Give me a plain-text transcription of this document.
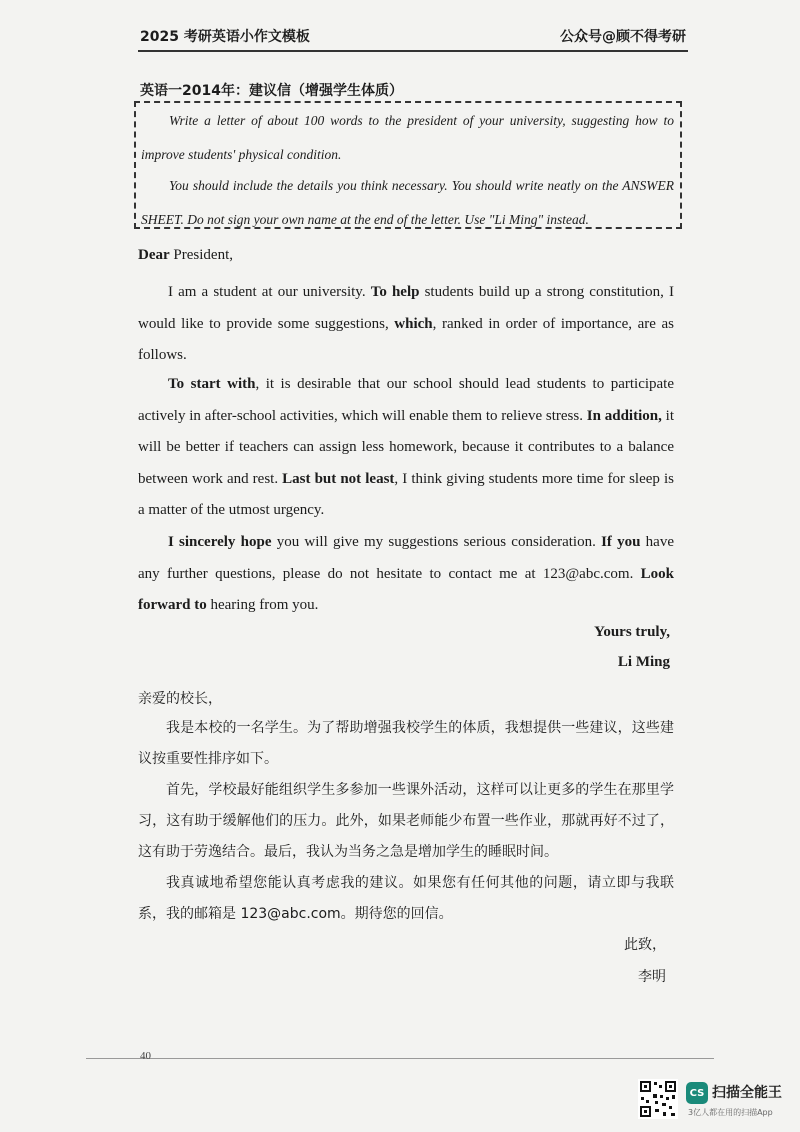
2025 考研英语小作文模板	公众号@顾不得考研
英语一2014年：建议信（增强学生体质）
Write a letter of about 100 words to the president of your university, suggesting how to improve students' physical condition.
You should include the details you think necessary. You should write neatly on the ANSWER SHEET. Do not sign your own name at the end of the letter. Use "Li Ming" instead.
Dear President,

I am a student at our university. To help students build up a strong constitution, I would like to provide some suggestions, which, ranked in order of importance, are as follows.

To start with, it is desirable that our school should lead students to participate actively in after-school activities, which will enable them to relieve stress. In addition, it will be better if teachers can assign less homework, because it contributes to a balance between work and rest. Last but not least, I think giving students more time for sleep is a matter of the utmost urgency.

I sincerely hope you will give my suggestions serious consideration. If you have any further questions, please do not hesitate to contact me at 123@abc.com. Look forward to hearing from you.

Yours truly,
Li Ming
亲爱的校长，

我是本校的一名学生。为了帮助增强我校学生的体质，我想提供一些建议，这些建议按重要性排序如下。

首先，学校最好能组织学生多参加一些课外活动，这样可以让更多的学生在那里学习，这有助于缓解他们的压力。此外，如果老师能少布置一些作业，那就再好不过了，这有助于劳逸结合。最后，我认为当务之急是增加学生的睡眠时间。

我真诚地希望您能认真考虑我的建议。如果您有任何其他的问题，请立即与我联系，我的邮箱是 123@abc.com。期待您的回信。

此致，
李明
40
CS 扫描全能王
3亿人都在用的扫描App
